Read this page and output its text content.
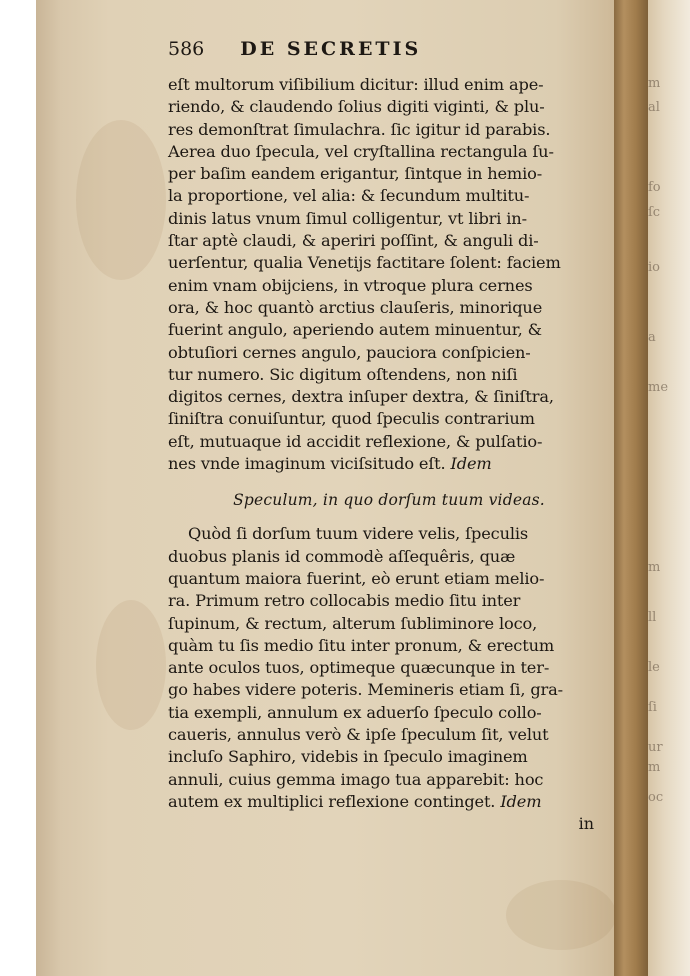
m
al
fo
ſc
io
a
me
m
ll
le
ſi
ur
m
oc
586 DE SECRETIS
eſt multorum viſibilium dicitur: illud enim ape-
riendo, & claudendo ſolius digiti viginti, & plu-
res demonſtrat ſimulachra. ſic igitur id parabis.
Aerea duo ſpecula, vel cryſtallina rectangula ſu-
per baſim eandem erigantur, ſintque in hemio-
la proportione, vel alia: & ſecundum multitu-
dinis latus vnum ſimul colligentur, vt libri in-
ſtar aptè claudi, & aperiri poſſint, & anguli di-
uerſentur, qualia Venetijs factitare ſolent: faciem
enim vnam obijciens, in vtroque plura cernes
ora, & hoc quantò arctius clauſeris, minorique
fuerint angulo, aperiendo autem minuentur, &
obtuſiori cernes angulo, pauciora conſpicien-
tur numero. Sic digitum oſtendens, non niſi
digitos cernes, dextra inſuper dextra, & ſiniſtra,
ſiniſtra conuiſuntur, quod ſpeculis contrarium
eſt, mutuaque id accidit reflexione, & pulſatio-
nes vnde imaginum viciſsitudo eſt. Idem
Speculum, in quo dorſum tuum videas.
Quòd ſi dorſum tuum videre velis, ſpeculis
duobus planis id commodè aſſequêris, quæ
quantum maiora fuerint, eò erunt etiam melio-
ra. Primum retro collocabis medio ſitu inter
ſupinum, & rectum, alterum ſubliminore loco,
quàm tu ſis medio ſitu inter pronum, & erectum
ante oculos tuos, optimeque quæcunque in ter-
go habes videre poteris. Memineris etiam ſi, gra-
tia exempli, annulum ex aduerſo ſpeculo collo-
caueris, annulus verò & ipſe ſpeculum ſit, velut
incluſo Saphiro, videbis in ſpeculo imaginem
annuli, cuius gemma imago tua apparebit: hoc
autem ex multiplici reflexione continget. Idem
in
